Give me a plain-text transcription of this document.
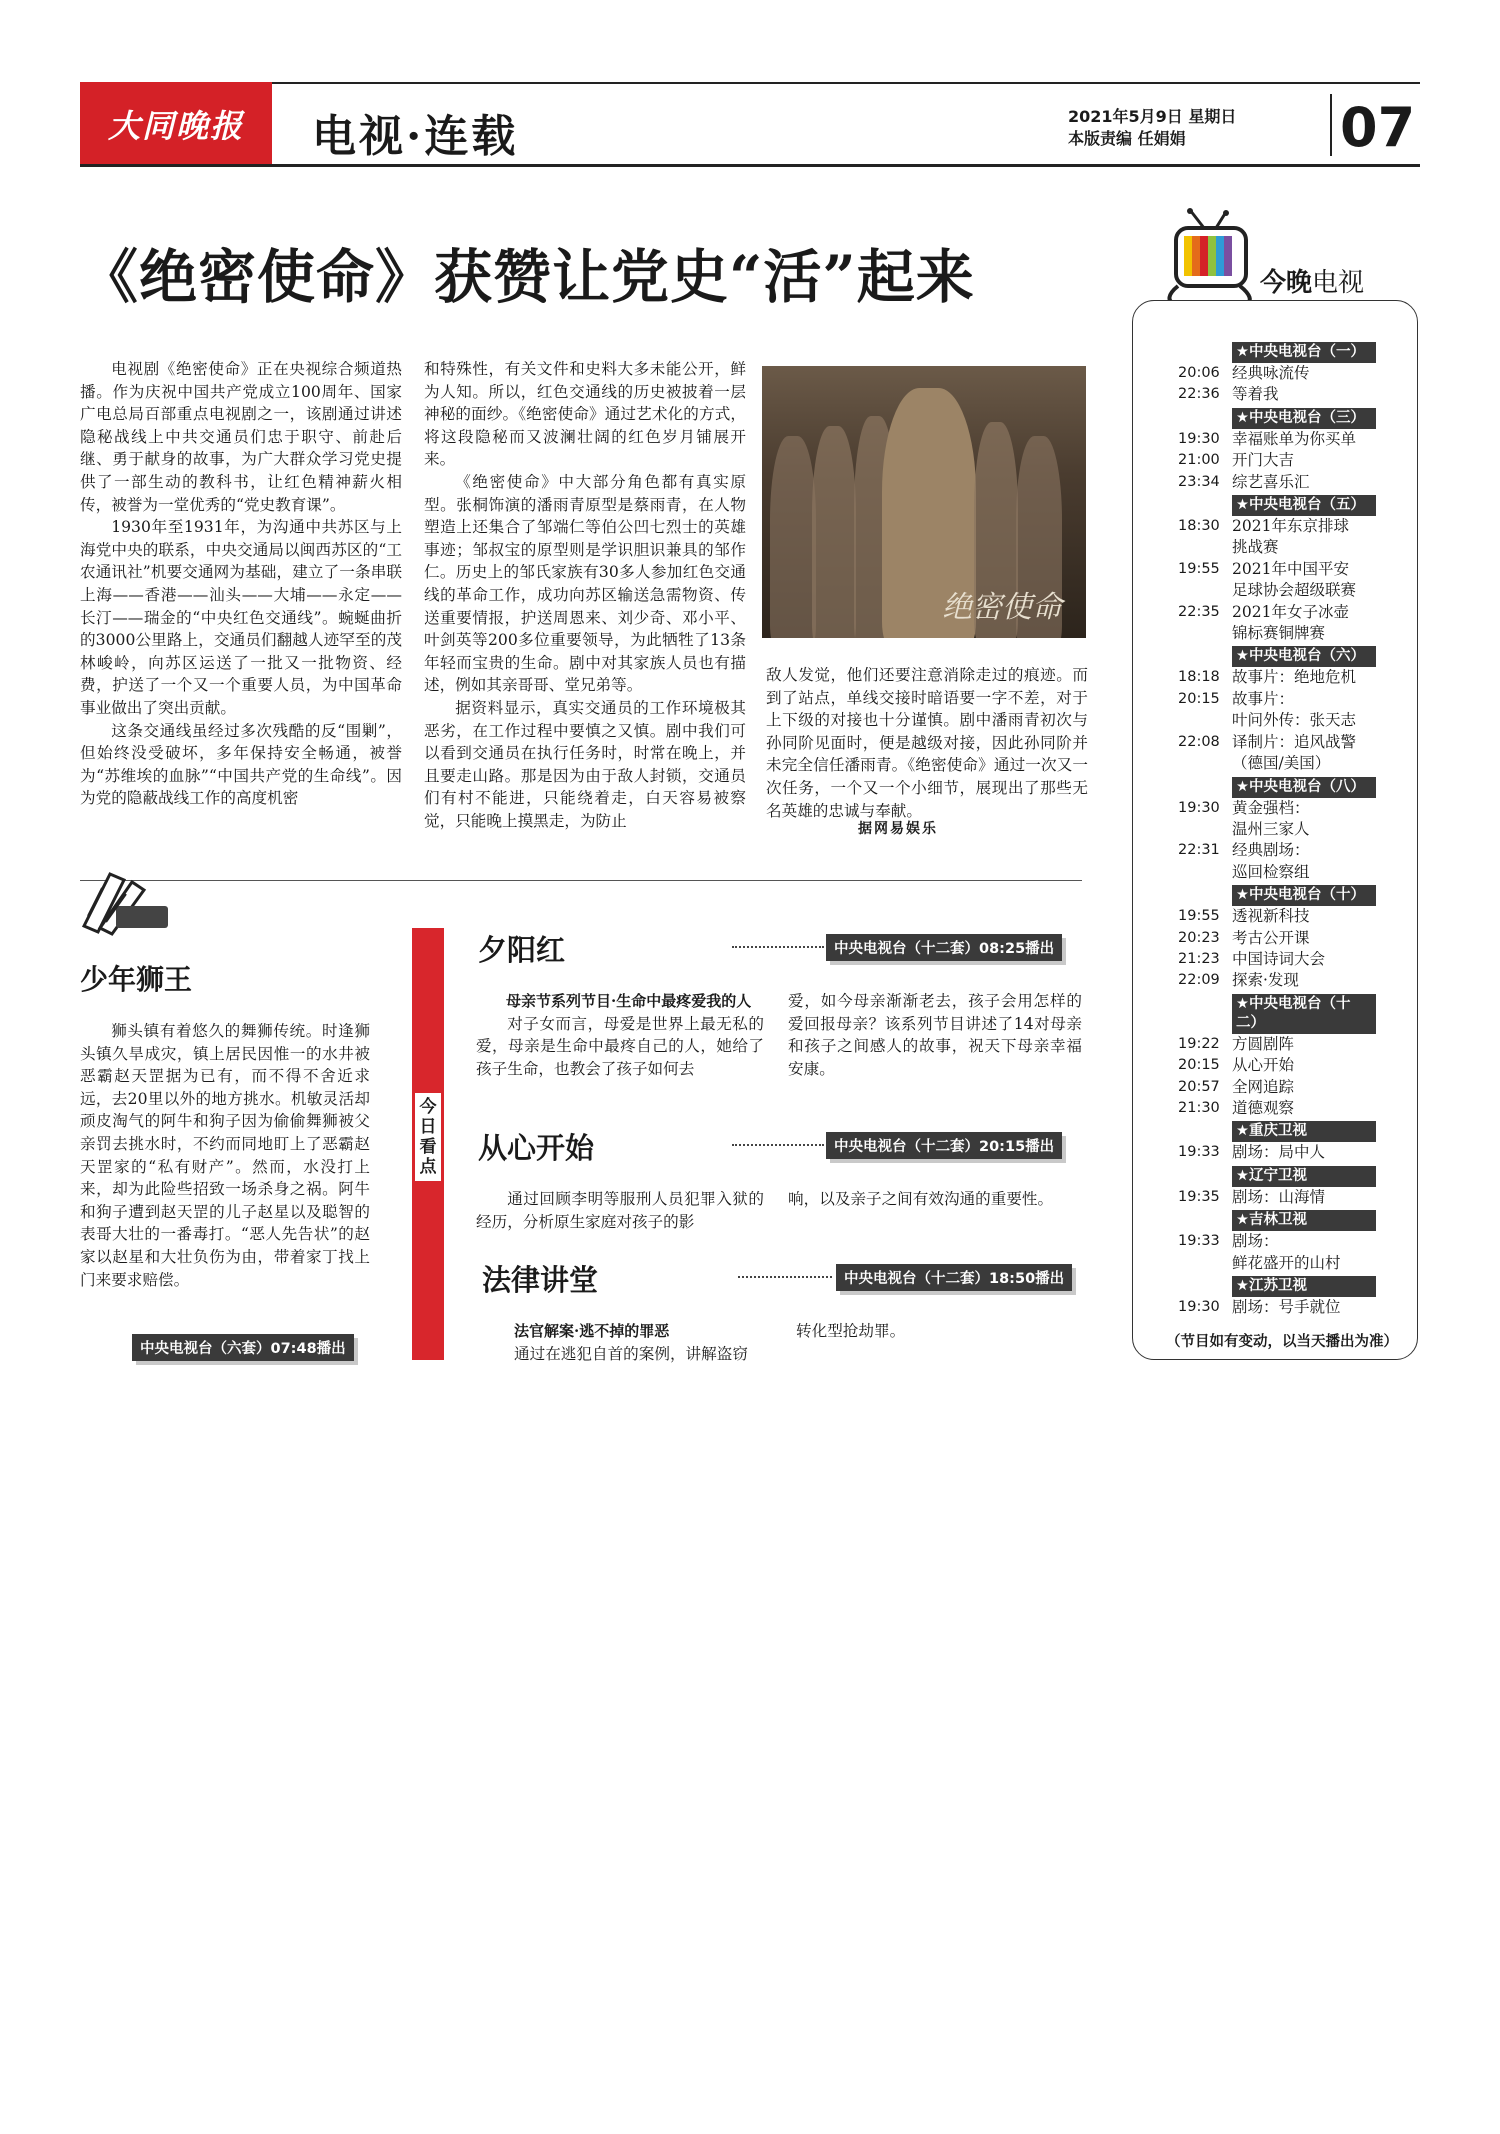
大同晚报 电视·连载	2021年5月9日 星期日
本版责编 任娟娟	07
《绝密使命》获赞让党史“活”起来

电视剧《绝密使命》正在央视综合频道热播。作为庆祝中国共产党成立100周年、国家广电总局百部重点电视剧之一，该剧通过讲述隐秘战线上中共交通员们忠于职守、前赴后继、勇于献身的故事，为广大群众学习党史提供了一部生动的教科书，让红色精神薪火相传，被誉为一堂优秀的“党史教育课”。

1930年至1931年，为沟通中共苏区与上海党中央的联系，中央交通局以闽西苏区的“工农通讯社”机要交通网为基础，建立了一条串联上海——香港——汕头——大埔——永定——长汀——瑞金的“中央红色交通线”。蜿蜒曲折的3000公里路上，交通员们翻越人迹罕至的茂林峻岭，向苏区运送了一批又一批物资、经费，护送了一个又一个重要人员，为中国革命事业做出了突出贡献。

这条交通线虽经过多次残酷的反“围剿”，但始终没受破坏，多年保持安全畅通，被誉为“苏维埃的血脉”“中国共产党的生命线”。因为党的隐蔽战线工作的高度机密

和特殊性，有关文件和史料大多未能公开，鲜为人知。所以，红色交通线的历史被披着一层神秘的面纱。《绝密使命》通过艺术化的方式，将这段隐秘而又波澜壮阔的红色岁月铺展开来。

《绝密使命》中大部分角色都有真实原型。张桐饰演的潘雨青原型是蔡雨青，在人物塑造上还集合了邹端仁等伯公凹七烈士的英雄事迹；邹叔宝的原型则是学识胆识兼具的邹作仁。历史上的邹氏家族有30多人参加红色交通线的革命工作，成功向苏区输送急需物资、传送重要情报，护送周恩来、刘少奇、邓小平、叶剑英等200多位重要领导，为此牺牲了13条年轻而宝贵的生命。剧中对其家族人员也有描述，例如其亲哥哥、堂兄弟等。

据资料显示，真实交通员的工作环境极其恶劣，在工作过程中要慎之又慎。剧中我们可以看到交通员在执行任务时，时常在晚上，并且要走山路。那是因为由于敌人封锁，交通员们有村不能进，只能绕着走，白天容易被察觉，只能晚上摸黑走，为防止

绝密使命

敌人发觉，他们还要注意消除走过的痕迹。而到了站点，单线交接时暗语要一字不差，对于上下级的对接也十分谨慎。剧中潘雨青初次与孙同阶见面时，便是越级对接，因此孙同阶并未完全信任潘雨青。《绝密使命》通过一次又一次任务，一个又一个小细节，展现出了那些无名英雄的忠诚与奉献。

据网易娱乐
今晚电视
★中央电视台（一）
20:06 经典咏流传
22:36 等着我
★中央电视台（三）
19:30 幸福账单为你买单
21:00 开门大吉
23:34 综艺喜乐汇
★中央电视台（五）
18:30 2021年东京排球
挑战赛
19:55 2021年中国平安
足球协会超级联赛
22:35 2021年女子冰壶
锦标赛铜牌赛
★中央电视台（六）
18:18 故事片：绝地危机
20:15 故事片：
叶问外传：张天志
22:08 译制片：追风战警
（德国/美国）
★中央电视台（八）
19:30 黄金强档：
温州三家人
22:31 经典剧场：
巡回检察组
★中央电视台（十）
19:55 透视新科技
20:23 考古公开课
21:23 中国诗词大会
22:09 探索·发现
★中央电视台（十二）
19:22 方圆剧阵
20:15 从心开始
20:57 全网追踪
21:30 道德观察
★重庆卫视
19:33 剧场：局中人
★辽宁卫视
19:35 剧场：山海情
★吉林卫视
19:33 剧场：
鲜花盛开的山村
★江苏卫视
19:30 剧场：号手就位
（节目如有变动，以当天播出为准）
少年狮王

狮头镇有着悠久的舞狮传统。时逢狮头镇久旱成灾，镇上居民因惟一的水井被恶霸赵天罡据为已有，而不得不舍近求远，去20里以外的地方挑水。机敏灵活却顽皮淘气的阿牛和狗子因为偷偷舞狮被父亲罚去挑水时，不约而同地盯上了恶霸赵天罡家的“私有财产”。然而，水没打上来，却为此险些招致一场杀身之祸。阿牛和狗子遭到赵天罡的儿子赵星以及聪智的表哥大壮的一番毒打。“恶人先告状”的赵家以赵星和大壮负伤为由，带着家丁找上门来要求赔偿。

中央电视台（六套）07:48播出
今
日
看
点
夕阳红	中央电视台（十二套）08:25播出

母亲节系列节目·生命中最疼爱我的人

对子女而言，母爱是世界上最无私的爱，母亲是生命中最疼自己的人，她给了孩子生命，也教会了孩子如何去

爱，如今母亲渐渐老去，孩子会用怎样的爱回报母亲？该系列节目讲述了14对母亲和孩子之间感人的故事，祝天下母亲幸福安康。

从心开始	中央电视台（十二套）20:15播出

通过回顾李明等服刑人员犯罪入狱的经历，分析原生家庭对孩子的影

响，以及亲子之间有效沟通的重要性。

法律讲堂	中央电视台（十二套）18:50播出

法官解案·逃不掉的罪恶

通过在逃犯自首的案例，讲解盗窃

转化型抢劫罪。
